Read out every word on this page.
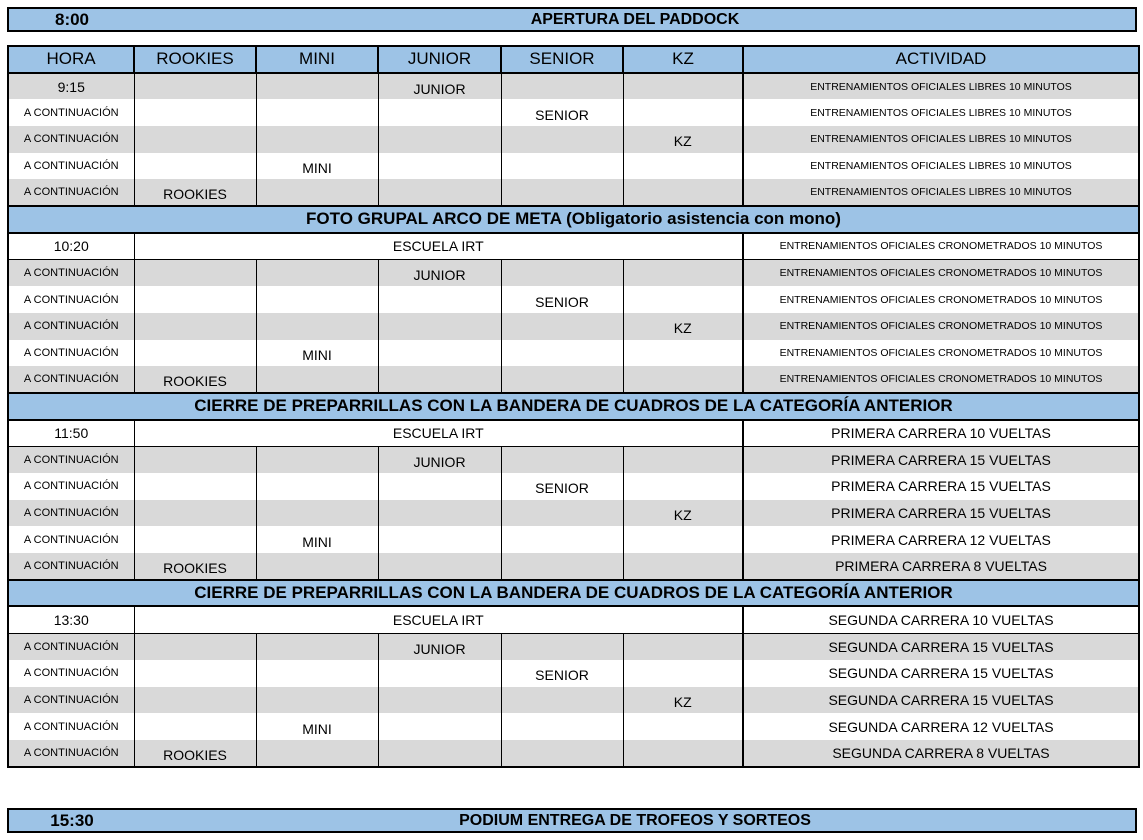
8:00	APERTURA DEL PADDOCK
HORA	ROOKIES	MINI	JUNIOR	SENIOR	KZ	ACTIVIDAD
9:15			JUNIOR			ENTRENAMIENTOS OFICIALES LIBRES 10 MINUTOS
A CONTINUACIÓN				SENIOR		ENTRENAMIENTOS OFICIALES LIBRES 10 MINUTOS
A CONTINUACIÓN					KZ	ENTRENAMIENTOS OFICIALES LIBRES 10 MINUTOS
A CONTINUACIÓN		MINI				ENTRENAMIENTOS OFICIALES LIBRES 10 MINUTOS
A CONTINUACIÓN	ROOKIES					ENTRENAMIENTOS OFICIALES LIBRES 10 MINUTOS
FOTO GRUPAL ARCO DE META (Obligatorio asistencia con mono)						
10:20	ESCUELA IRT					ENTRENAMIENTOS OFICIALES CRONOMETRADOS 10 MINUTOS
A CONTINUACIÓN			JUNIOR			ENTRENAMIENTOS OFICIALES CRONOMETRADOS 10 MINUTOS
A CONTINUACIÓN				SENIOR		ENTRENAMIENTOS OFICIALES CRONOMETRADOS 10 MINUTOS
A CONTINUACIÓN					KZ	ENTRENAMIENTOS OFICIALES CRONOMETRADOS 10 MINUTOS
A CONTINUACIÓN		MINI				ENTRENAMIENTOS OFICIALES CRONOMETRADOS 10 MINUTOS
A CONTINUACIÓN	ROOKIES					ENTRENAMIENTOS OFICIALES CRONOMETRADOS 10 MINUTOS
CIERRE DE PREPARRILLAS CON LA BANDERA DE CUADROS DE LA CATEGORÍA ANTERIOR						
11:50	ESCUELA IRT					PRIMERA CARRERA 10 VUELTAS
A CONTINUACIÓN			JUNIOR			PRIMERA CARRERA 15 VUELTAS
A CONTINUACIÓN				SENIOR		PRIMERA CARRERA 15 VUELTAS
A CONTINUACIÓN					KZ	PRIMERA CARRERA 15 VUELTAS
A CONTINUACIÓN		MINI				PRIMERA CARRERA 12 VUELTAS
A CONTINUACIÓN	ROOKIES					PRIMERA CARRERA 8 VUELTAS
CIERRE DE PREPARRILLAS CON LA BANDERA DE CUADROS DE LA CATEGORÍA ANTERIOR						
13:30	ESCUELA IRT					SEGUNDA CARRERA 10 VUELTAS
A CONTINUACIÓN			JUNIOR			SEGUNDA CARRERA 15 VUELTAS
A CONTINUACIÓN				SENIOR		SEGUNDA CARRERA 15 VUELTAS
A CONTINUACIÓN					KZ	SEGUNDA CARRERA 15 VUELTAS
A CONTINUACIÓN		MINI				SEGUNDA CARRERA 12 VUELTAS
A CONTINUACIÓN	ROOKIES					SEGUNDA CARRERA 8 VUELTAS
15:30	PODIUM ENTREGA DE TROFEOS Y SORTEOS
